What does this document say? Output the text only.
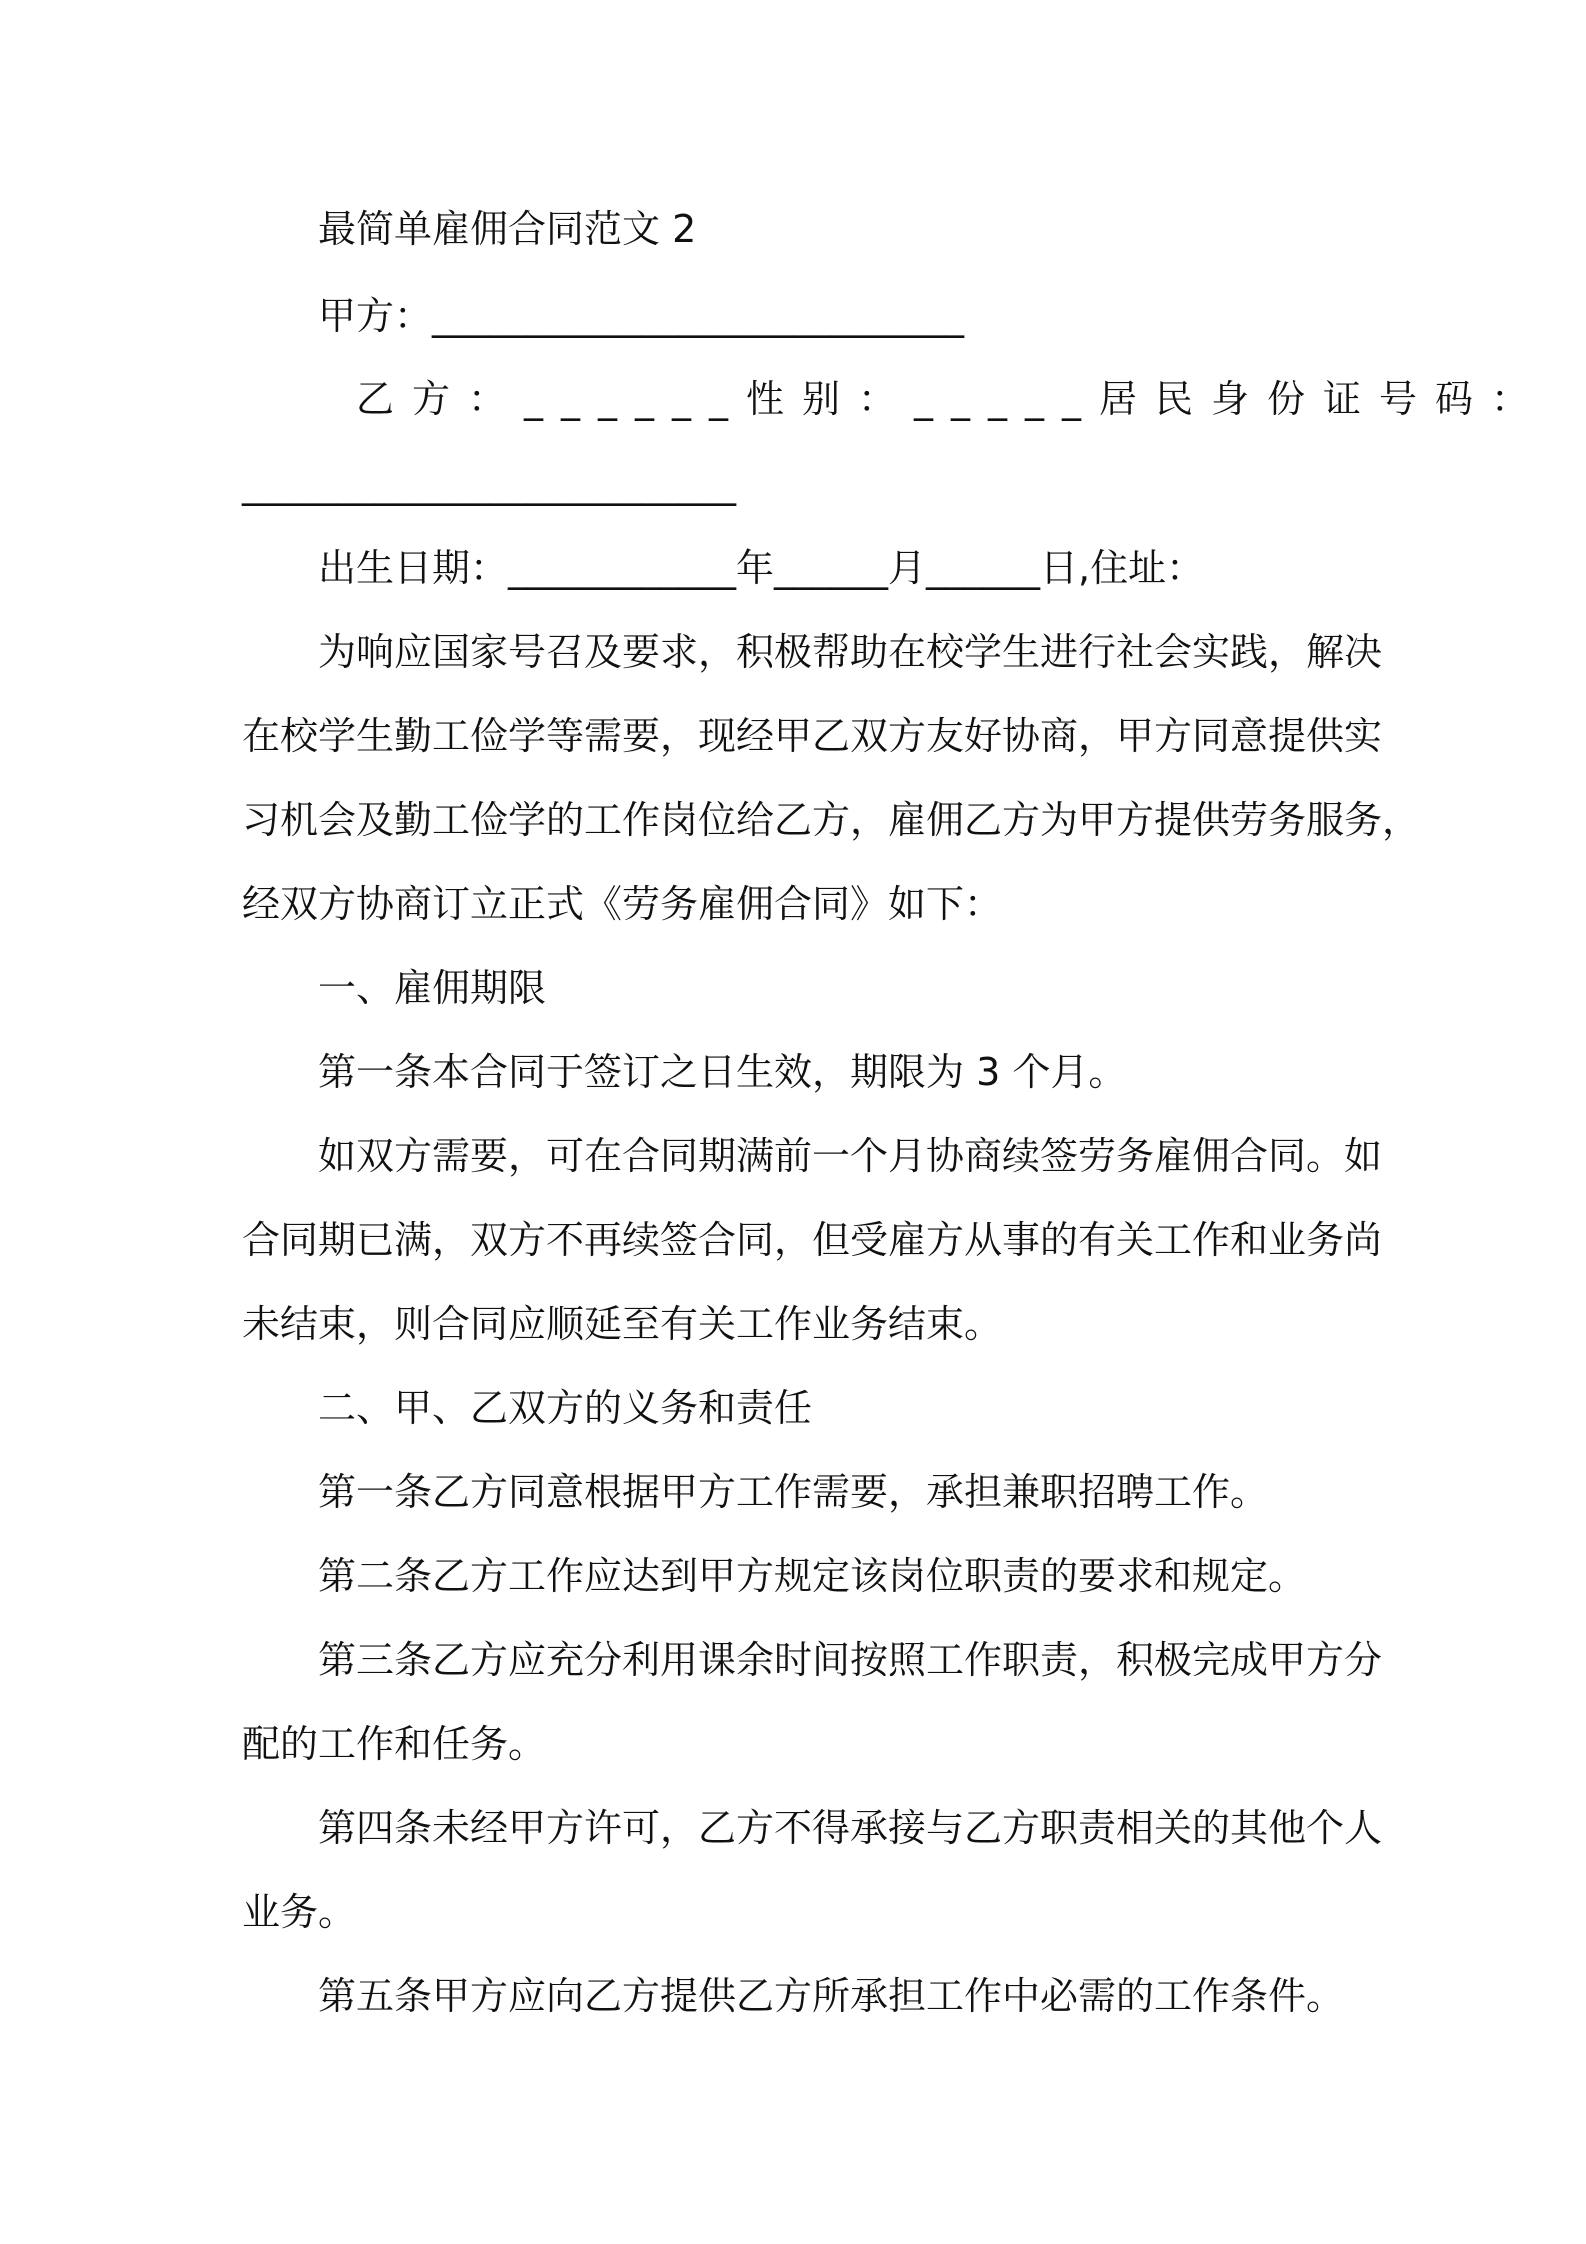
最简单雇佣合同范文 2
甲方：____________________________
乙方：______性别：_____居民身份证号码：
__________________________
出生日期：____________年______月______日,住址：
为响应国家号召及要求，积极帮助在校学生进行社会实践，解决
在校学生勤工俭学等需要，现经甲乙双方友好协商，甲方同意提供实
习机会及勤工俭学的工作岗位给乙方，雇佣乙方为甲方提供劳务服务，
经双方协商订立正式《劳务雇佣合同》如下：
一、雇佣期限
第一条本合同于签订之日生效，期限为 3 个月。
如双方需要，可在合同期满前一个月协商续签劳务雇佣合同。如
合同期已满，双方不再续签合同，但受雇方从事的有关工作和业务尚
未结束，则合同应顺延至有关工作业务结束。
二、甲、乙双方的义务和责任
第一条乙方同意根据甲方工作需要，承担兼职招聘工作。
第二条乙方工作应达到甲方规定该岗位职责的要求和规定。
第三条乙方应充分利用课余时间按照工作职责，积极完成甲方分
配的工作和任务。
第四条未经甲方许可，乙方不得承接与乙方职责相关的其他个人
业务。
第五条甲方应向乙方提供乙方所承担工作中必需的工作条件。
